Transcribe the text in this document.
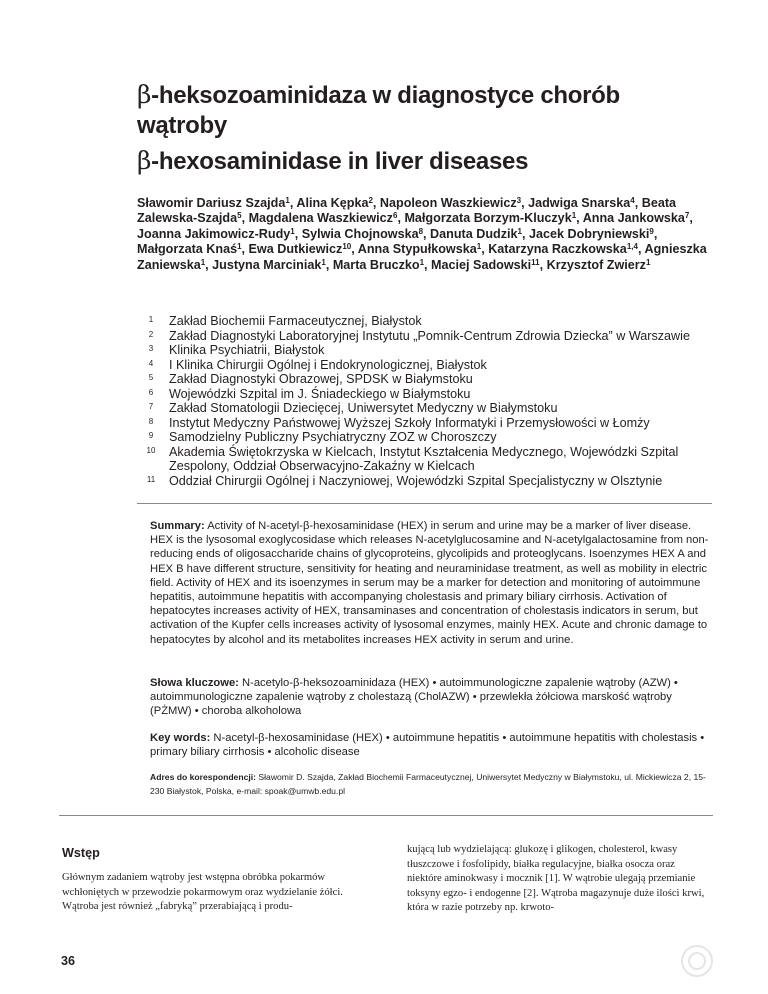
β-heksozoaminidaza w diagnostyce chorób
wątroby
β-hexosaminidase in liver diseases

Sławomir Dariusz Szajda$^1$, Alina Kępka$^2$, Napoleon Waszkiewicz$^3$, Jadwiga Snarska$^4$, Beata Zalewska-Szajda$^5$, Magdalena Waszkiewicz$^6$, Małgorzata Borzym-Kluczyk$^1$, Anna Jankowska$^7$, Joanna Jakimowicz-Rudy$^1$, Sylwia Chojnowska$^8$, Danuta Dudzik$^1$, Jacek Dobryniewski$^9$, Małgorzata Knaś$^1$, Ewa Dutkiewicz$^{10}$, Anna Stypułkowska$^1$, Katarzyna Raczkowska$^{1,4}$, Agnieszka Zaniewska$^1$, Justyna Marciniak$^1$, Marta Bruczko$^1$, Maciej Sadowski$^{11}$, Krzysztof Zwierz$^1$

1	Zakład Biochemii Farmaceutycznej, Białystok
2	Zakład Diagnostyki Laboratoryjnej Instytutu „Pomnik-Centrum Zdrowia Dziecka” w Warszawie
3	Klinika Psychiatrii, Białystok
4	I Klinika Chirurgii Ogólnej i Endokrynologicznej, Białystok
5	Zakład Diagnostyki Obrazowej, SPDSK w Białymstoku
6	Wojewódzki Szpital im J. Śniadeckiego w Białymstoku
7	Zakład Stomatologii Dziecięcej, Uniwersytet Medyczny w Białymstoku
8	Instytut Medyczny Państwowej Wyższej Szkoły Informatyki i Przemysłowości w Łomży
9	Samodzielny Publiczny Psychiatryczny ZOZ w Choroszczy
10	Akademia Świętokrzyska w Kielcach, Instytut Kształcenia Medycznego, Wojewódzki Szpital Zespolony, Oddział Obserwacyjno-Zakaźny w Kielcach
11	Oddział Chirurgii Ogólnej i Naczyniowej, Wojewódzki Szpital Specjalistyczny w Olsztynie

Summary: Activity of N-acetyl-β-hexosaminidase (HEX) in serum and urine may be a marker of liver disease. HEX is the lysosomal exoglycosidase which releases N-acetylglucosamine and N-acetylgalactosamine from non-reducing ends of oligosaccharide chains of glycoproteins, glycolipids and proteoglycans. Isoenzymes HEX A and HEX B have different structure, sensitivity for heating and neuraminidase treatment, as well as mobility in electric field. Activity of HEX and its isoenzymes in serum may be a marker for detection and monitoring of autoimmune hepatitis, autoimmune hepatitis with accompanying cholestasis and primary biliary cirrhosis. Activation of hepatocytes increases activity of HEX, transaminases and concentration of cholestasis indicators in serum, but activation of the Kupfer cells increases activity of lysosomal enzymes, mainly HEX. Acute and chronic damage to hepatocytes by alcohol and its metabolites increases HEX activity in serum and urine.

Słowa kluczowe: N-acetylo-β-heksozoaminidaza (HEX) • autoimmunologiczne zapalenie wątroby (AZW) • autoimmunologiczne zapalenie wątroby z cholestazą (CholAZW) • przewlekła żółciowa marskość wątroby (PŻMW) • choroba alkoholowa

Key words: N-acetyl-β-hexosaminidase (HEX) • autoimmune hepatitis • autoimmune hepatitis with cholestasis • primary biliary cirrhosis • alcoholic disease

Adres do korespondencji: Sławomir D. Szajda, Zakład Biochemii Farmaceutycznej, Uniwersytet Medyczny w Białymstoku, ul. Mickiewicza 2, 15-230 Białystok, Polska, e-mail: spoak@umwb.edu.pl

Wstęp

Głównym zadaniem wątroby jest wstępna obróbka pokarmów wchłoniętych w przewodzie pokarmowym oraz wydzielanie żółci. Wątroba jest również „fabryką” przerabiającą i produ-

kującą lub wydzielającą: glukozę i glikogen, cholesterol, kwasy tłuszczowe i fosfolipidy, białka regulacyjne, białka osocza oraz niektóre aminokwasy i mocznik [1]. W wątrobie ulegają przemianie toksyny egzo- i endogenne [2]. Wątroba magazynuje duże ilości krwi, która w razie potrzeby np. krwoto-

36
